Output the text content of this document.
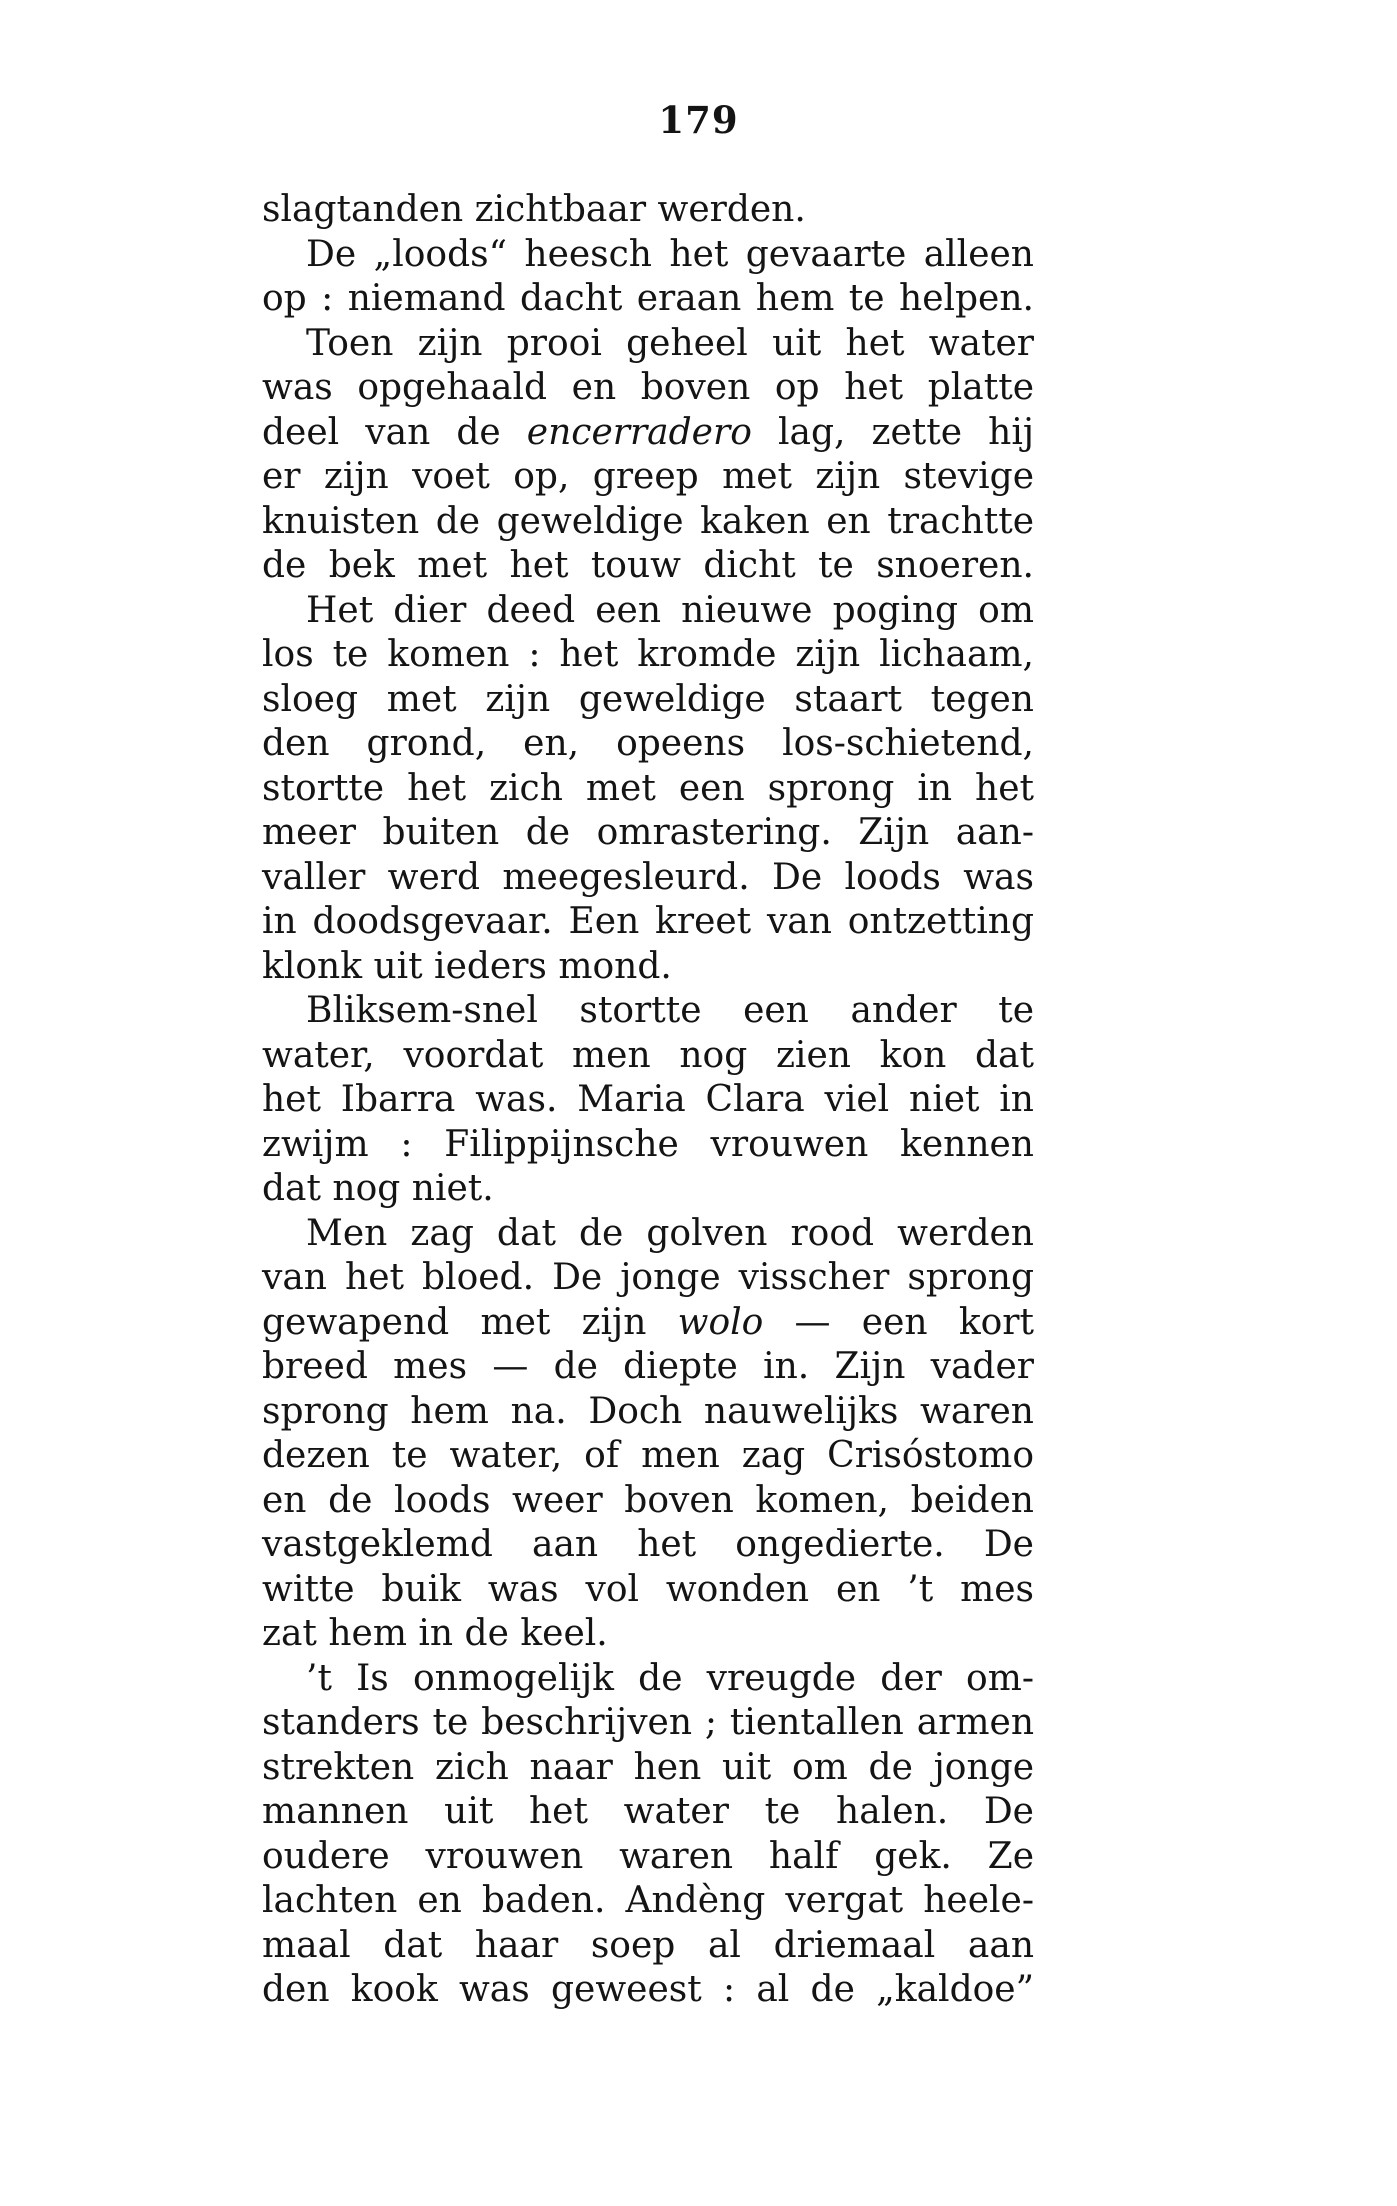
179
slagtanden zichtbaar werden.
De „loods“ heesch het gevaarte alleen
op : niemand dacht eraan hem te helpen.
Toen zijn prooi geheel uit het water
was opgehaald en boven op het platte
deel van de encerradero lag, zette hij
er zijn voet op, greep met zijn stevige
knuisten de geweldige kaken en trachtte
de bek met het touw dicht te snoeren.
Het dier deed een nieuwe poging om
los te komen : het kromde zijn lichaam,
sloeg met zijn geweldige staart tegen
den grond, en, opeens los-schietend,
stortte het zich met een sprong in het
meer buiten de omrastering. Zijn aan-
valler werd meegesleurd. De loods was
in doodsgevaar. Een kreet van ontzetting
klonk uit ieders mond.
Bliksem-snel stortte een ander te
water, voordat men nog zien kon dat
het Ibarra was. Maria Clara viel niet in
zwijm : Filippijnsche vrouwen kennen
dat nog niet.
Men zag dat de golven rood werden
van het bloed. De jonge visscher sprong
gewapend met zijn wolo — een kort
breed mes — de diepte in. Zijn vader
sprong hem na. Doch nauwelijks waren
dezen te water, of men zag Crisóstomo
en de loods weer boven komen, beiden
vastgeklemd aan het ongedierte. De
witte buik was vol wonden en ’t mes
zat hem in de keel.
’t Is onmogelijk de vreugde der om-
standers te beschrijven ; tientallen armen
strekten zich naar hen uit om de jonge
mannen uit het water te halen. De
oudere vrouwen waren half gek. Ze
lachten en baden. Andèng vergat heele-
maal dat haar soep al driemaal aan
den kook was geweest : al de „kaldoe”
